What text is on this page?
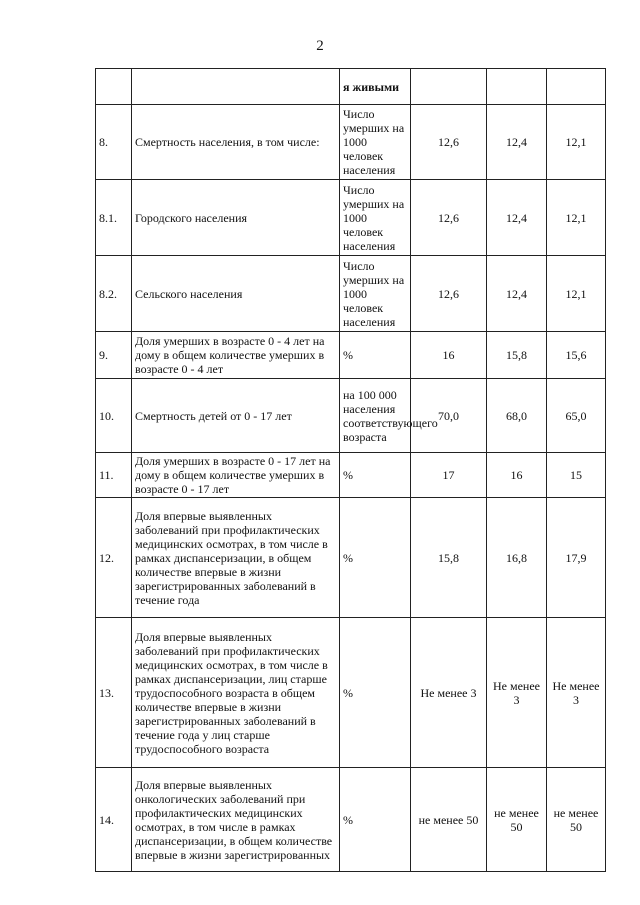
2
		я живыми			
8.	Смертность населения, в том числе:	Число умерших на 1000 человек населения	12,6	12,4	12,1
8.1.	Городского населения	Число умерших на 1000 человек населения	12,6	12,4	12,1
8.2.	Сельского населения	Число умерших на 1000 человек населения	12,6	12,4	12,1
9.	Доля умерших в возрасте 0 - 4 лет на дому в общем количестве умерших в возрасте 0 - 4 лет	%	16	15,8	15,6
10.	Смертность детей от 0 - 17 лет	на 100 000 населения соответствующего возраста	70,0	68,0	65,0
11.	Доля умерших в возрасте 0 - 17 лет на дому в общем количестве умерших в возрасте 0 - 17 лет	%	17	16	15
12.	Доля впервые выявленных заболеваний при профилактических медицинских осмотрах, в том числе в рамках диспансеризации, в общем количестве впервые в жизни зарегистрированных заболеваний в течение года	%	15,8	16,8	17,9
13.	Доля впервые выявленных заболеваний при профилактических медицинских осмотрах, в том числе в рамках диспансеризации, лиц старше трудоспособного возраста в общем количестве впервые в жизни зарегистрированных заболеваний в течение года у лиц старше трудоспособного возраста	%	Не менее 3	Не менее 3	Не менее 3
14.	Доля впервые выявленных онкологических заболеваний при профилактических медицинских осмотрах, в том числе в рамках диспансеризации, в общем количестве впервые в жизни зарегистрированных	%	не менее 50	не менее 50	не менее 50
